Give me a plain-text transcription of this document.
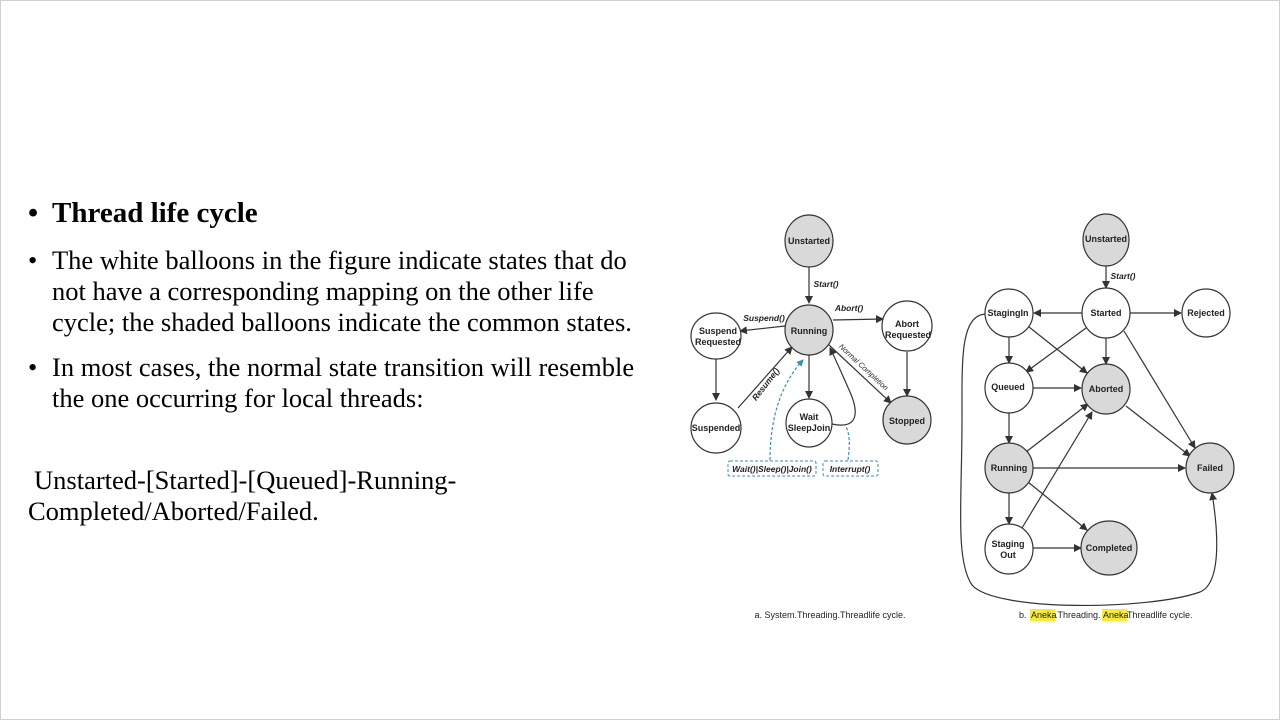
• Thread life cycle
• The white balloons in the figure indicate states that do not have a corresponding mapping on the other life cycle; the shaded balloons indicate the common states.
• In most cases, the normal state transition will resemble the one occurring for local threads:
Unstarted-[Started]-[Queued]-Running-
Completed/Aborted/Failed.
Unstarted
Running
Suspend
Requested
Abort
Requested
Suspended
Wait
SleepJoin
Stopped
Start()
Suspend()
Abort()
Resume()	Normal Completion
Wait()|Sleep()|Join() Interrupt()
a. System.Threading.Threadlife cycle.
Unstarted
StagingIn	Started	Rejected
Queued	Aborted
Running	Failed
Staging
Out
Completed
Start()
b. Aneka.Threading. AnekaThreadlife cycle.
